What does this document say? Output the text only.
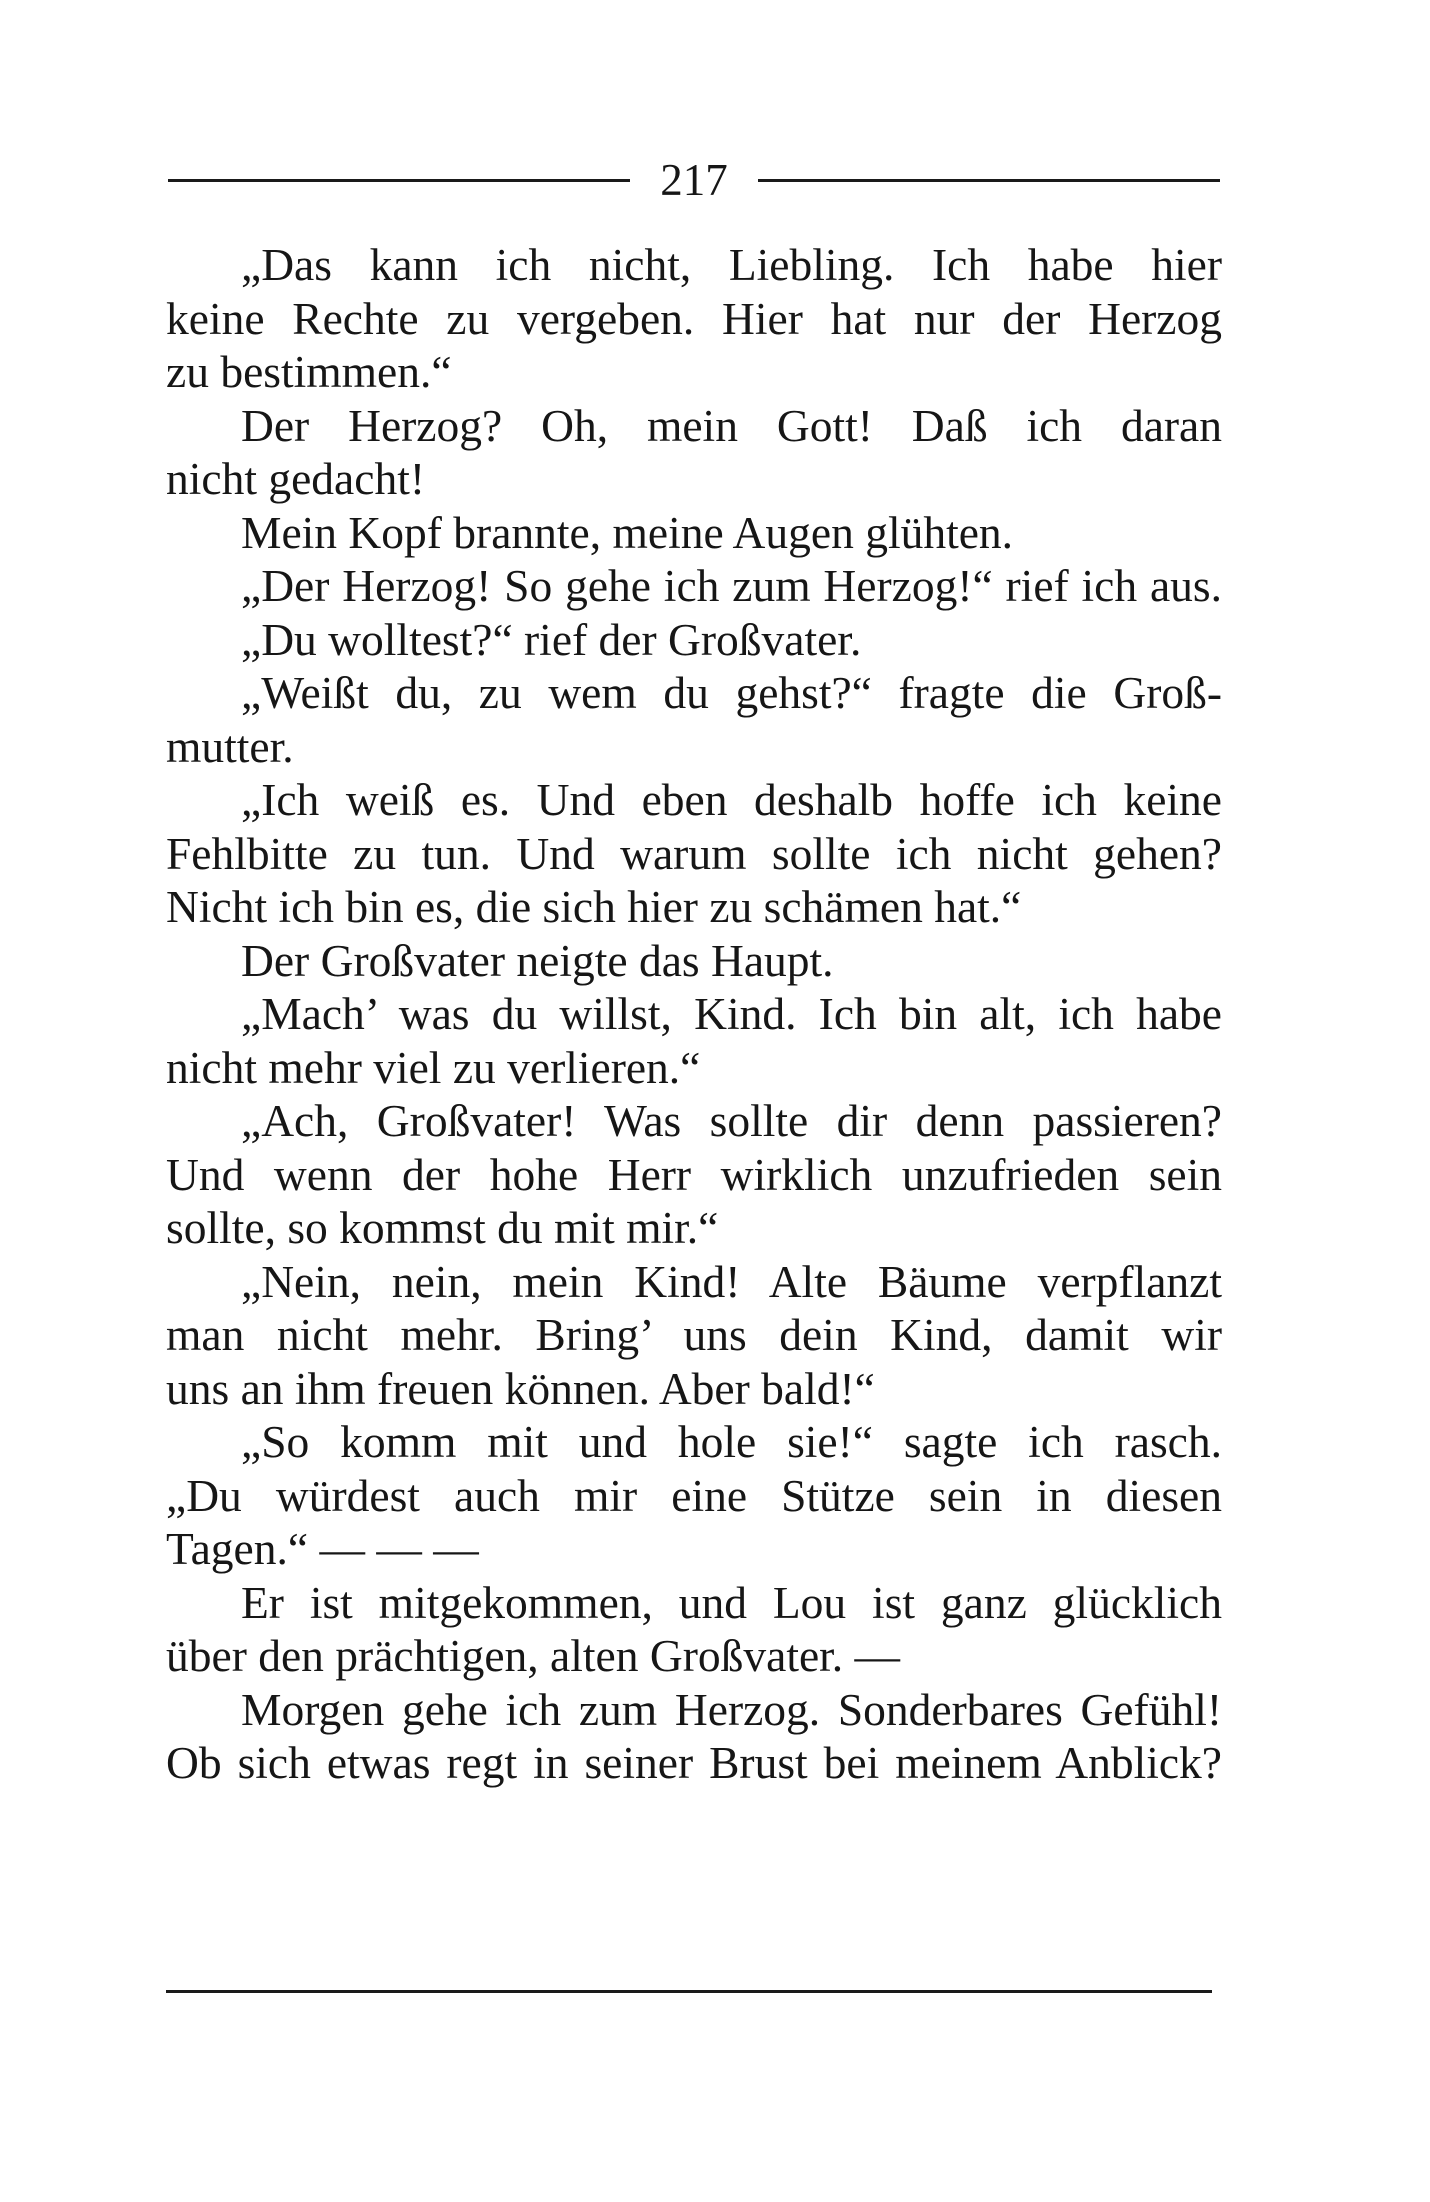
217
„Das kann ich nicht, Liebling. Ich habe hier
keine Rechte zu vergeben. Hier hat nur der Herzog
zu bestimmen.“
Der Herzog? Oh, mein Gott! Daß ich daran
nicht gedacht!
Mein Kopf brannte, meine Augen glühten.
„Der Herzog! So gehe ich zum Herzog!“ rief ich aus.
„Du wolltest?“ rief der Großvater.
„Weißt du, zu wem du gehst?“ fragte die Groß-
mutter.
„Ich weiß es. Und eben deshalb hoffe ich keine
Fehlbitte zu tun. Und warum sollte ich nicht gehen?
Nicht ich bin es, die sich hier zu schämen hat.“
Der Großvater neigte das Haupt.
„Mach’ was du willst, Kind. Ich bin alt, ich habe
nicht mehr viel zu verlieren.“
„Ach, Großvater! Was sollte dir denn passieren?
Und wenn der hohe Herr wirklich unzufrieden sein
sollte, so kommst du mit mir.“
„Nein, nein, mein Kind! Alte Bäume verpflanzt
man nicht mehr. Bring’ uns dein Kind, damit wir
uns an ihm freuen können. Aber bald!“
„So komm mit und hole sie!“ sagte ich rasch.
„Du würdest auch mir eine Stütze sein in diesen
Tagen.“ — — —
Er ist mitgekommen, und Lou ist ganz glücklich
über den prächtigen, alten Großvater. —
Morgen gehe ich zum Herzog. Sonderbares Gefühl!
Ob sich etwas regt in seiner Brust bei meinem Anblick?
